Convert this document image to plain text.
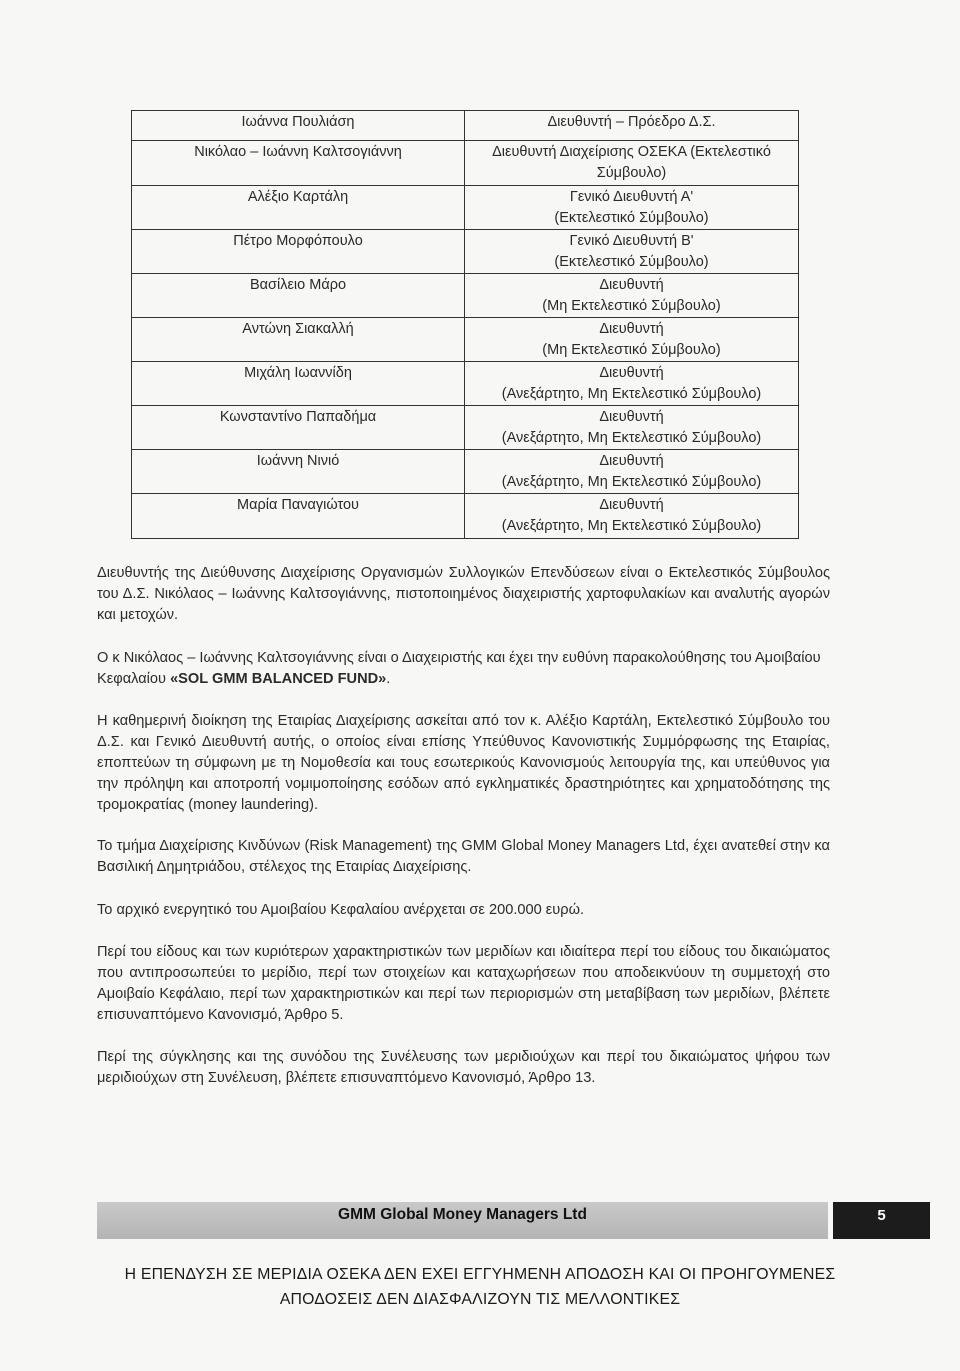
Ιωάννα Πουλιάση	Διευθυντή – Πρόεδρο Δ.Σ.
Νικόλαο – Ιωάννη Καλτσογιάννη	Διευθυντή Διαχείρισης ΟΣΕΚΑ (Εκτελεστικό
Σύμβουλο)
Αλέξιο Καρτάλη	Γενικό Διευθυντή Α'
(Εκτελεστικό Σύμβουλο)
Πέτρο Μορφόπουλο	Γενικό Διευθυντή Β'
(Εκτελεστικό Σύμβουλο)
Βασίλειο Μάρο	Διευθυντή
(Μη Εκτελεστικό Σύμβουλο)
Αντώνη Σιακαλλή	Διευθυντή
(Μη Εκτελεστικό Σύμβουλο)
Μιχάλη Ιωαννίδη	Διευθυντή
(Ανεξάρτητο, Μη Εκτελεστικό Σύμβουλο)
Κωνσταντίνο Παπαδήμα	Διευθυντή
(Ανεξάρτητο, Μη Εκτελεστικό Σύμβουλο)
Ιωάννη Νινιό	Διευθυντή
(Ανεξάρτητο, Μη Εκτελεστικό Σύμβουλο)
Μαρία Παναγιώτου	Διευθυντή
(Ανεξάρτητο, Μη Εκτελεστικό Σύμβουλο)

Διευθυντής της Διεύθυνσης Διαχείρισης Οργανισμών Συλλογικών Επενδύσεων είναι ο Εκτελεστικός Σύμβουλος του Δ.Σ. Νικόλαος – Ιωάννης Καλτσογιάννης, πιστοποιημένος διαχειριστής χαρτοφυλακίων και αναλυτής αγορών και μετοχών.

Ο κ Νικόλαος – Ιωάννης Καλτσογιάννης είναι ο Διαχειριστής και έχει την ευθύνη παρακολούθησης του Αμοιβαίου Κεφαλαίου «SOL GMM BALANCED FUND».

Η καθημερινή διοίκηση της Εταιρίας Διαχείρισης ασκείται από τον κ. Αλέξιο Καρτάλη, Εκτελεστικό Σύμβουλο του Δ.Σ. και Γενικό Διευθυντή αυτής, ο οποίος είναι επίσης Υπεύθυνος Κανονιστικής Συμμόρφωσης της Εταιρίας, εποπτεύων τη σύμφωνη με τη Νομοθεσία και τους εσωτερικούς Κανονισμούς λειτουργία της, και υπεύθυνος για την πρόληψη και αποτροπή νομιμοποίησης εσόδων από εγκληματικές δραστηριότητες και χρηματοδότησης της τρομοκρατίας (money laundering).

Το τμήμα Διαχείρισης Κινδύνων (Risk Management) της GMM Global Money Managers Ltd, έχει ανατεθεί στην κα Βασιλική Δημητριάδου, στέλεχος της Εταιρίας Διαχείρισης.

Το αρχικό ενεργητικό του Αμοιβαίου Κεφαλαίου ανέρχεται σε 200.000 ευρώ.

Περί του είδους και των κυριότερων χαρακτηριστικών των μεριδίων και ιδιαίτερα περί του είδους του δικαιώματος που αντιπροσωπεύει το μερίδιο, περί των στοιχείων και καταχωρήσεων που αποδεικνύουν τη συμμετοχή στο Αμοιβαίο Κεφάλαιο, περί των χαρακτηριστικών και περί των περιορισμών στη μεταβίβαση των μεριδίων, βλέπετε επισυναπτόμενο Κανονισμό, Άρθρο 5.

Περί της σύγκλησης και της συνόδου της Συνέλευσης των μεριδιούχων και περί του δικαιώματος ψήφου των μεριδιούχων στη Συνέλευση, βλέπετε επισυναπτόμενο Κανονισμό, Άρθρο 13.

GMM Global Money Managers Ltd	5
Η ΕΠΕΝΔΥΣΗ ΣΕ ΜΕΡΙΔΙΑ ΟΣΕΚΑ ΔΕΝ ΕΧΕΙ ΕΓΓΥΗΜΕΝΗ ΑΠΟΔΟΣΗ ΚΑΙ ΟΙ ΠΡΟΗΓΟΥΜΕΝΕΣ
ΑΠΟΔΟΣΕΙΣ ΔΕΝ ΔΙΑΣΦΑΛΙΖΟΥΝ ΤΙΣ ΜΕΛΛΟΝΤΙΚΕΣ
